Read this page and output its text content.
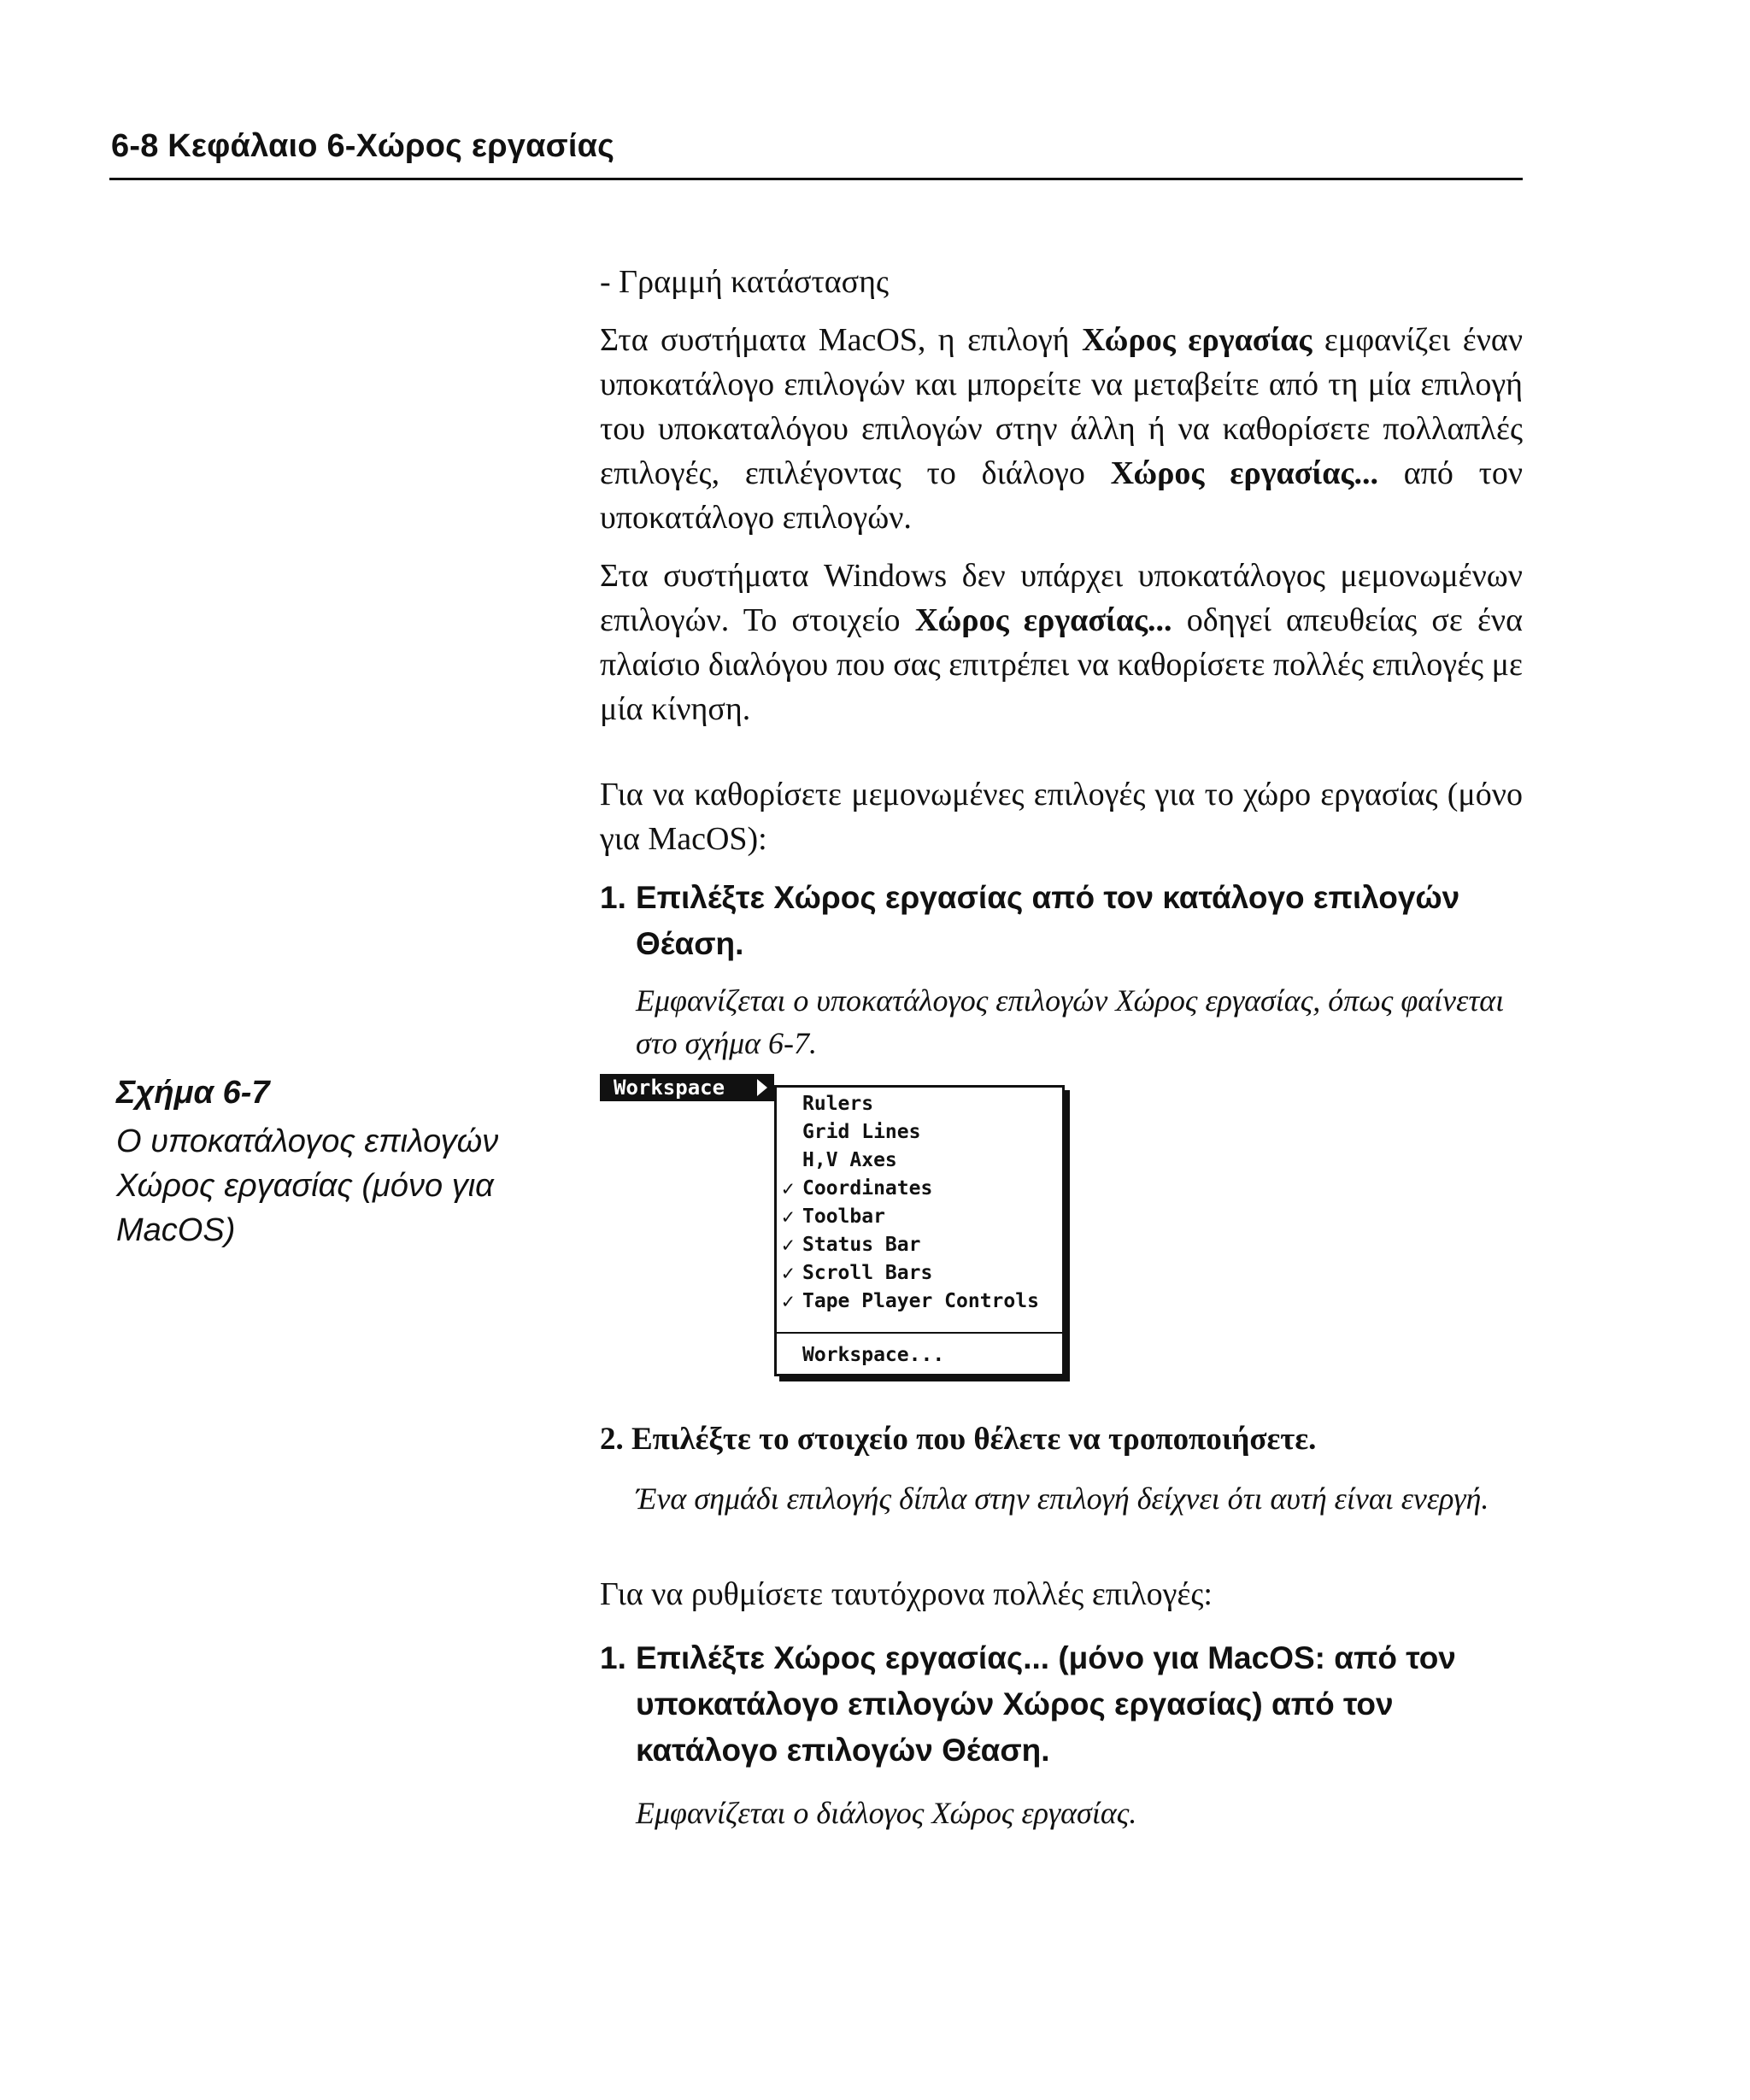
6-8 Κεφάλαιο 6-Χώρος εργασίας
- Γραμμή κατάστασης
Στα συστήματα MacOS, η επιλογή Χώρος εργασίας εμφανίζει έναν υποκατάλογο επιλογών και μπορείτε να μεταβείτε από τη μία επιλογή του υποκαταλόγου επιλογών στην άλλη ή να καθορίσετε πολλαπλές επιλογές, επιλέγοντας το διάλογο Χώρος εργασίας... από τον υποκατάλογο επιλογών.
Στα συστήματα Windows δεν υπάρχει υποκατάλογος μεμονωμένων επιλογών. Το στοιχείο Χώρος εργασίας... οδηγεί απευθείας σε ένα πλαίσιο διαλόγου που σας επιτρέπει να καθορίσετε πολλές επιλογές με μία κίνηση.
Για να καθορίσετε μεμονωμένες επιλογές για το χώρο εργασίας (μόνο για MacOS):
1. Επιλέξτε Χώρος εργασίας από τον κατάλογο επιλογών Θέαση.
Εμφανίζεται ο υποκατάλογος επιλογών Χώρος εργασίας, όπως φαίνεται στο σχήμα 6-7.
Σχήμα 6-7
Ο υποκατάλογος επιλογών Χώρος εργασίας (μόνο για MacOS)
Workspace
Rulers
Grid Lines
H,V Axes
✓ Coordinates
✓ Toolbar
✓ Status Bar
✓ Scroll Bars
✓ Tape Player Controls
Workspace...
2. Επιλέξτε το στοιχείο που θέλετε να τροποποιήσετε.
Ένα σημάδι επιλογής δίπλα στην επιλογή δείχνει ότι αυτή είναι ενεργή.
Για να ρυθμίσετε ταυτόχρονα πολλές επιλογές:
1. Επιλέξτε Χώρος εργασίας... (μόνο για MacOS: από τον υποκατάλογο επιλογών Χώρος εργασίας) από τον κατάλογο επιλογών Θέαση.
Εμφανίζεται ο διάλογος Χώρος εργασίας.
